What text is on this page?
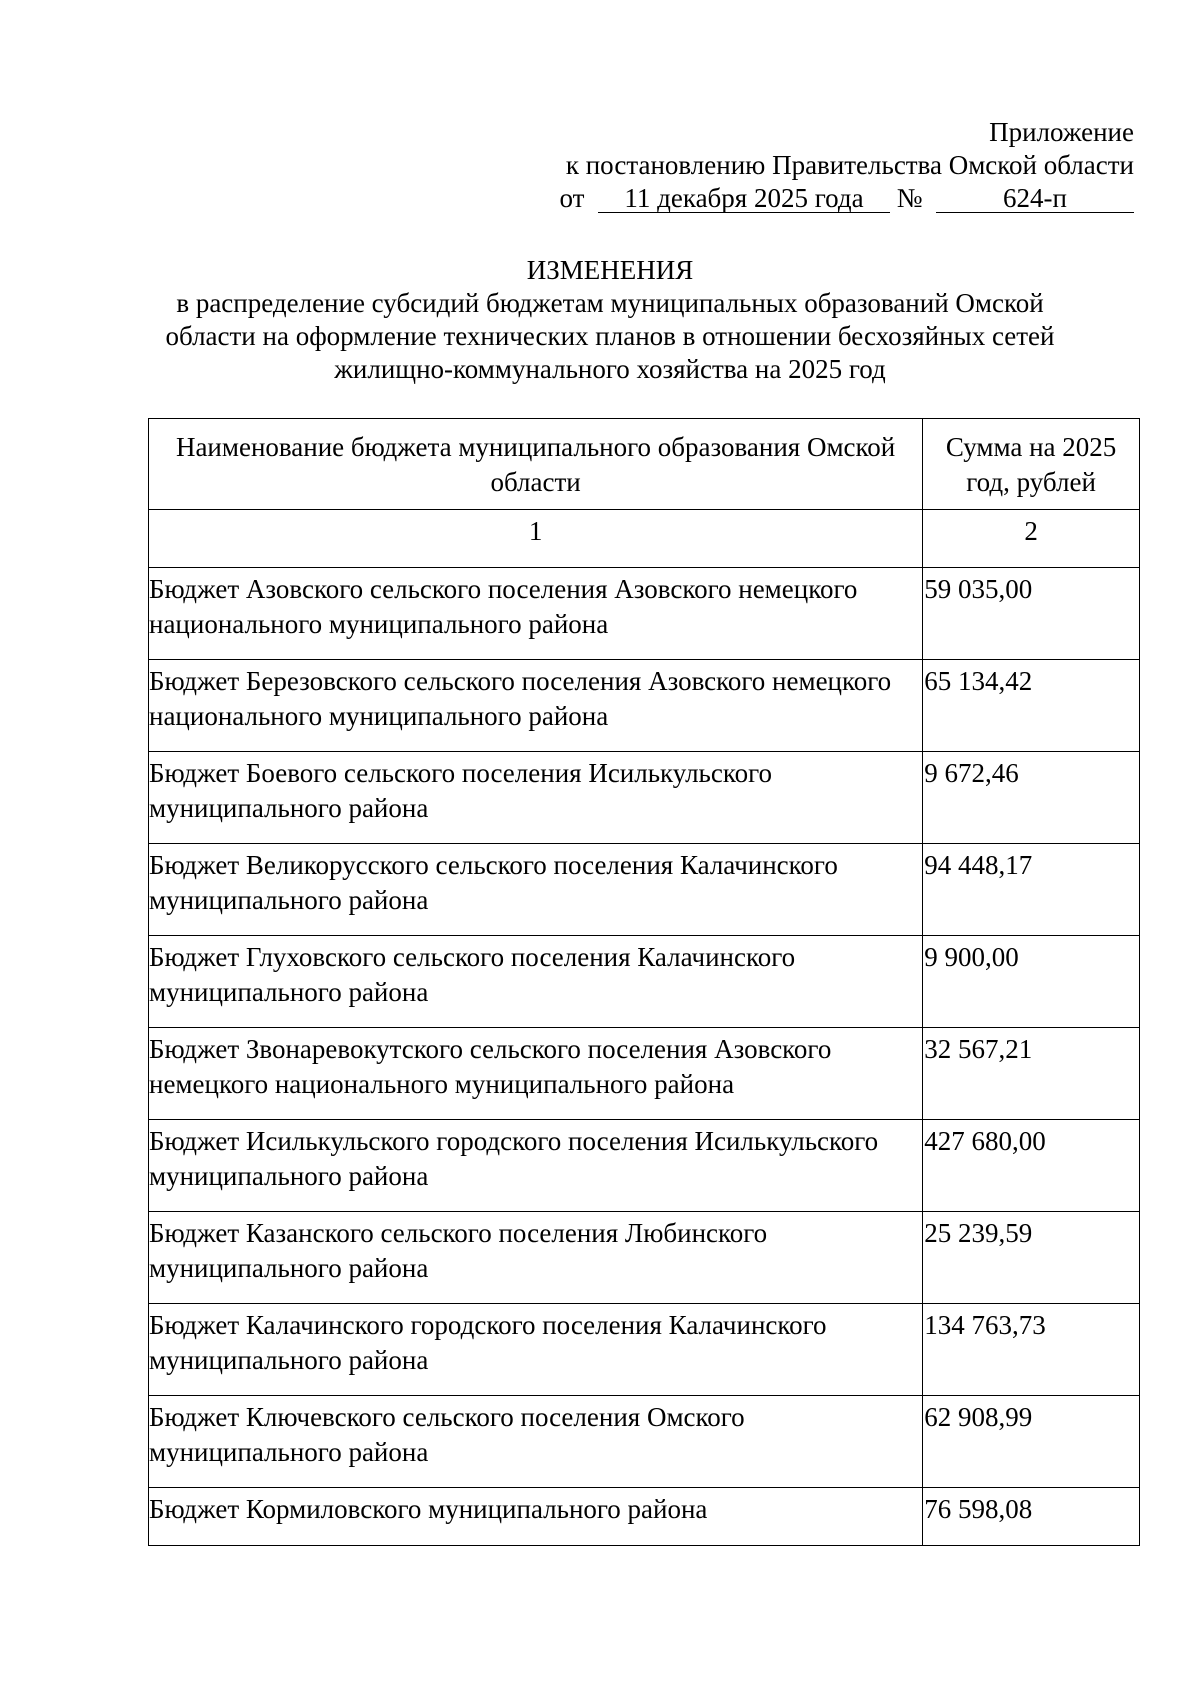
Приложение
к постановлению Правительства Омской области
от 11 декабря 2025 года №	624-п
ИЗМЕНЕНИЯ
в распределение субсидий бюджетам муниципальных образований Омской области на оформление технических планов в отношении бесхозяйных сетей жилищно-коммунального хозяйства на 2025 год
Наименование бюджета муниципального образования Омской области	Сумма на 2025 год, рублей
1	2
Бюджет Азовского сельского поселения Азовского немецкого национального муниципального района	59 035,00
Бюджет Березовского сельского поселения Азовского немецкого национального муниципального района	65 134,42
Бюджет Боевого сельского поселения Исилькульского муниципального района	9 672,46
Бюджет Великорусского сельского поселения Калачинского муниципального района	94 448,17
Бюджет Глуховского сельского поселения Калачинского муниципального района	9 900,00
Бюджет Звонаревокутского сельского поселения Азовского немецкого национального муниципального района	32 567,21
Бюджет Исилькульского городского поселения Исилькульского муниципального района	427 680,00
Бюджет Казанского сельского поселения Любинского муниципального района	25 239,59
Бюджет Калачинского городского поселения Калачинского муниципального района	134 763,73
Бюджет Ключевского сельского поселения Омского муниципального района	62 908,99
Бюджет Кормиловского муниципального района	76 598,08
